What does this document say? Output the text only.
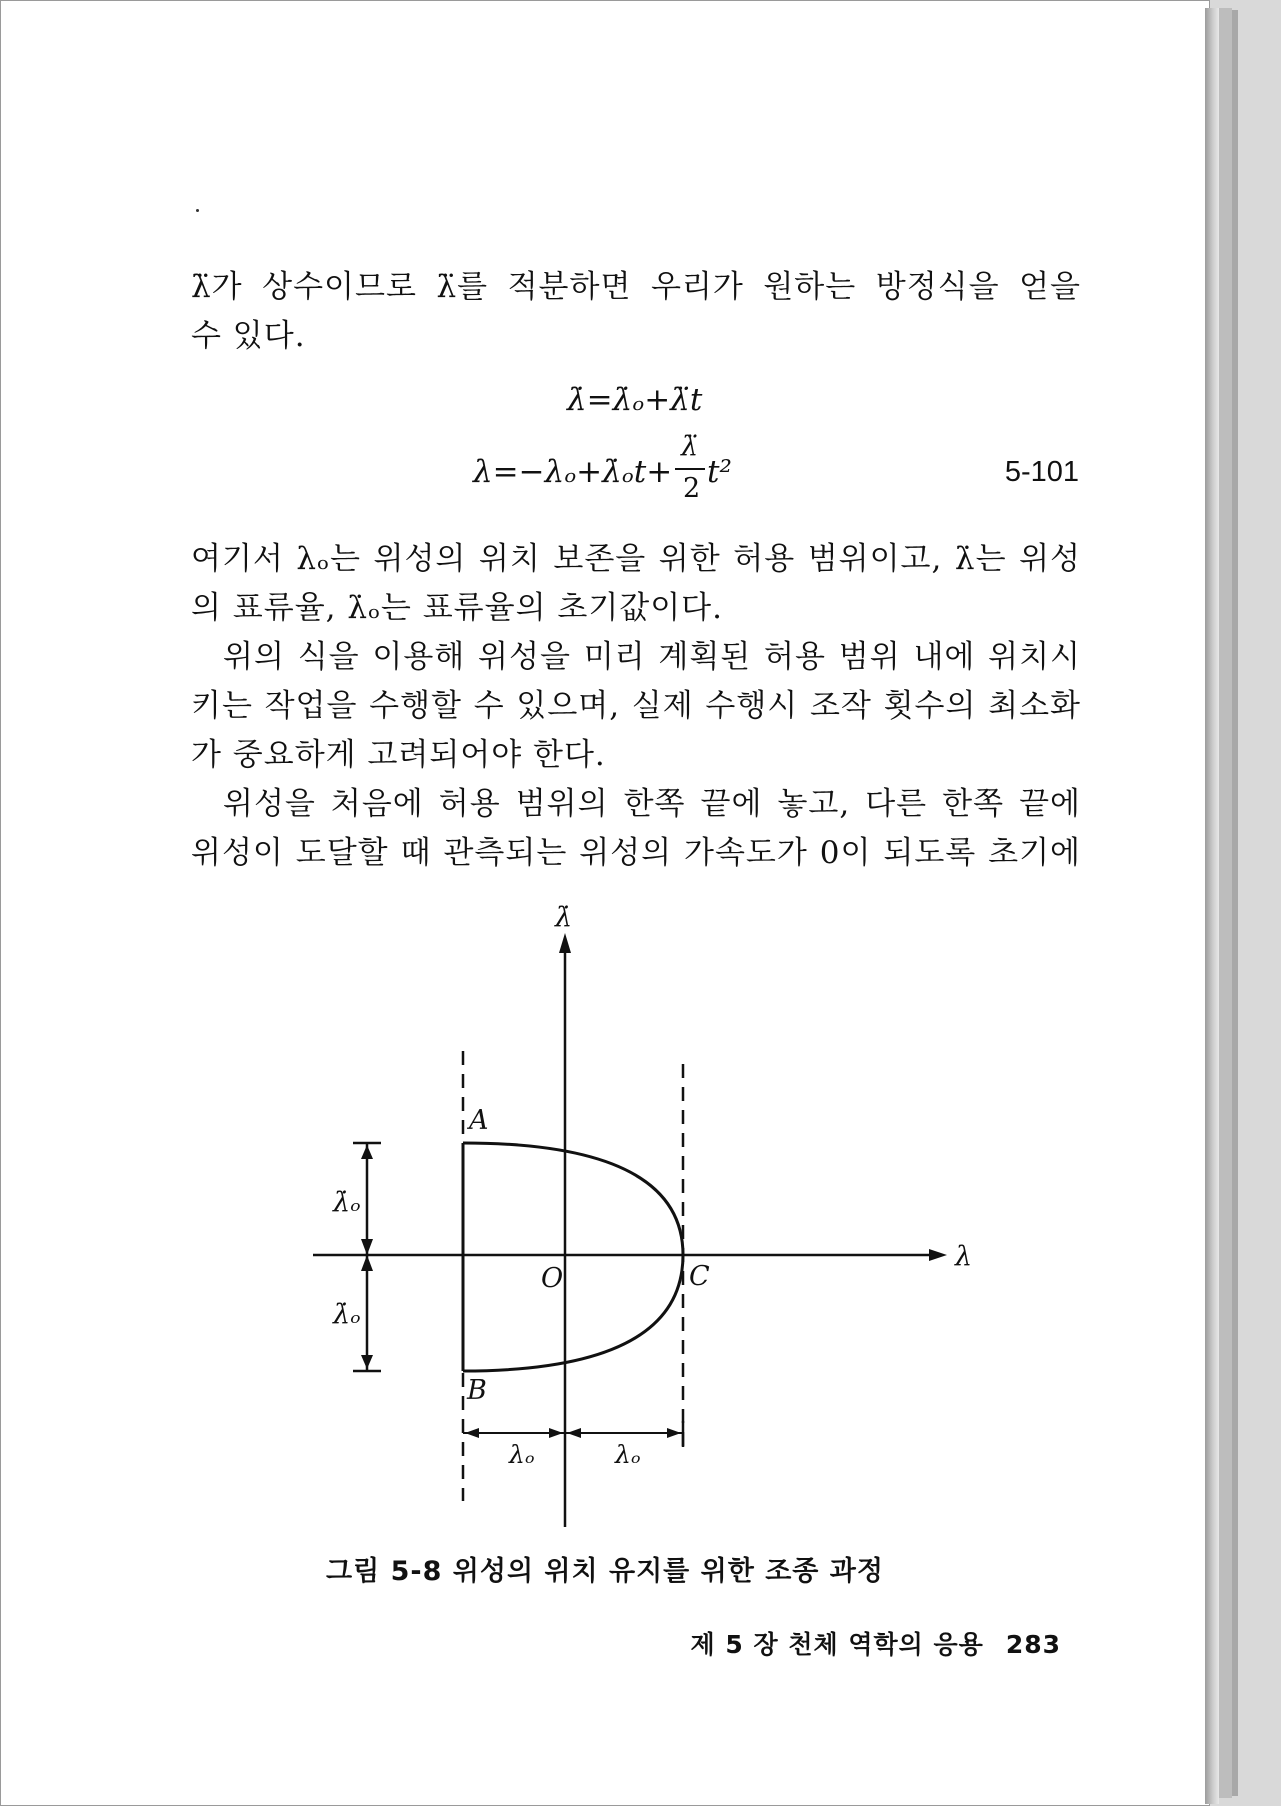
λ̈가 상수이므로 λ̈를 적분하면 우리가 원하는 방정식을 얻을
수 있다.
λ̇=λ̇ₒ+λ̈t
λ=−λₒ+λ̇ₒt+
λ̈
2 t²	5-101
여기서 λₒ는 위성의 위치 보존을 위한 허용 범위이고, λ̇는 위성
의 표류율, λ̇ₒ는 표류율의 초기값이다.
위의 식을 이용해 위성을 미리 계획된 허용 범위 내에 위치시
키는 작업을 수행할 수 있으며, 실제 수행시 조작 횟수의 최소화
가 중요하게 고려되어야 한다.
위성을 처음에 허용 범위의 한쪽 끝에 놓고, 다른 한쪽 끝에
위성이 도달할 때 관측되는 위성의 가속도가 0이 되도록 초기에
λ̇
λ
O
A
B
C
λ̇ₒ
λ̇ₒ
λₒ	λₒ
그림 5-8 위성의 위치 유지를 위한 조종 과정
제 5 장 천체 역학의 응용 283
